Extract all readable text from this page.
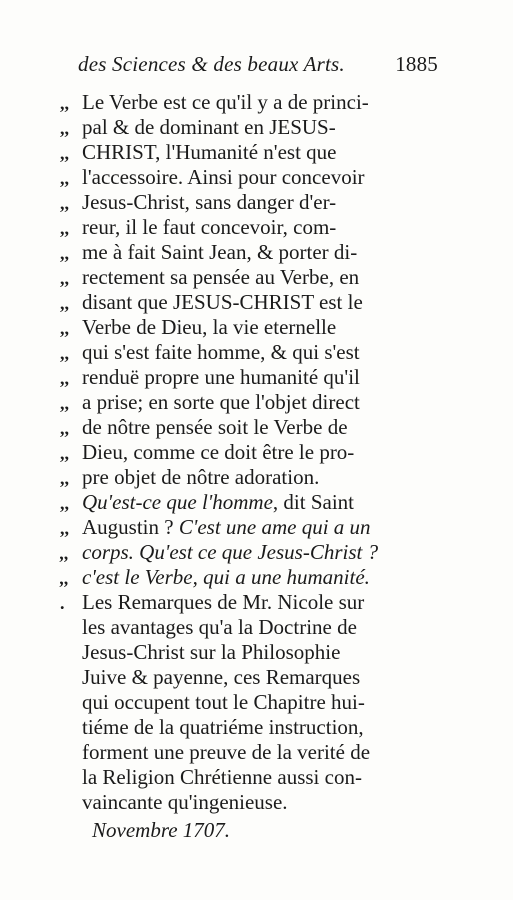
des Sciences & des beaux Arts. 1885
,, Le Verbe est ce qu'il y a de princi-
,, pal & de dominant en JESUS-
,, CHRIST, l'Humanité n'est que
,, l'accessoire. Ainsi pour concevoir
,, Jesus-Christ, sans danger d'er-
,, reur, il le faut concevoir, com-
,, me à fait Saint Jean, & porter di-
,, rectement sa pensée au Verbe, en
,, disant que JESUS-CHRIST est le
,, Verbe de Dieu, la vie eternelle
,, qui s'est faite homme, & qui s'est
,, renduë propre une humanité qu'il
,, a prise; en sorte que l'objet direct
,, de nôtre pensée soit le Verbe de
,, Dieu, comme ce doit être le pro-
,, pre objet de nôtre adoration.
,, Qu'est-ce que l'homme, dit Saint
,, Augustin ? C'est une ame qui a un
,, corps. Qu'est ce que Jesus-Christ ?
,, c'est le Verbe, qui a une humanité.
. Les Remarques de Mr. Nicole sur
les avantages qu'a la Doctrine de
Jesus-Christ sur la Philosophie
Juive & payenne, ces Remarques
qui occupent tout le Chapitre hui-
tiéme de la quatriéme instruction,
forment une preuve de la verité de
la Religion Chrétienne aussi con-
vaincante qu'ingenieuse.
Novembre 1707.
